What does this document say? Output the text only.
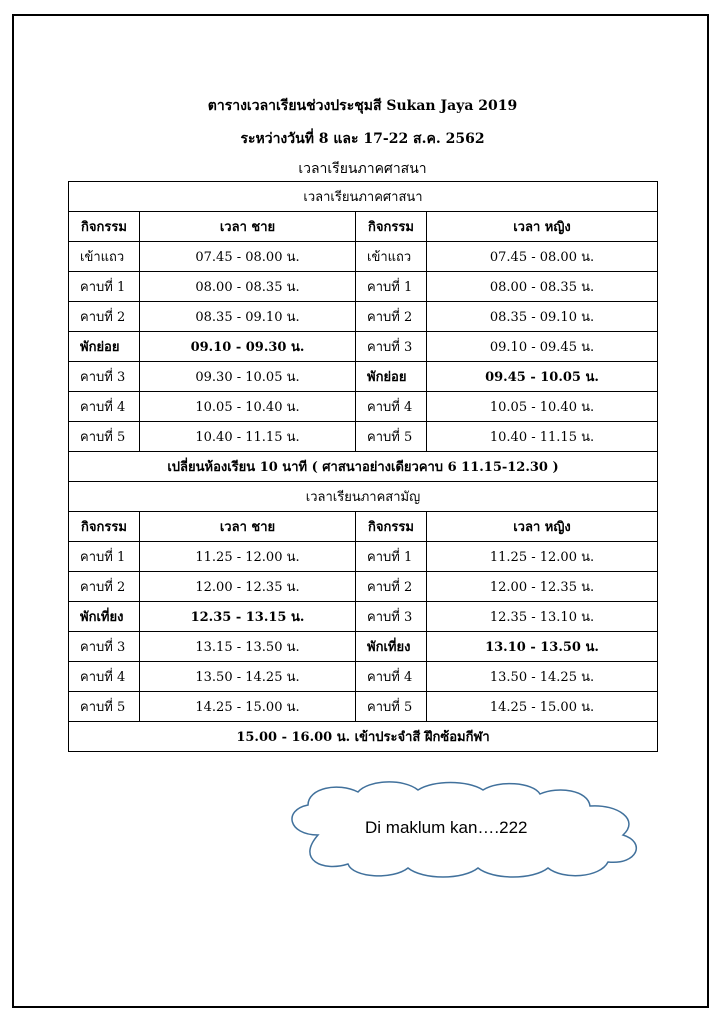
ตารางเวลาเรียนช่วงประชุมสี Sukan Jaya 2019
ระหว่างวันที่ 8 และ 17-22 ส.ค. 2562
เวลาเรียนภาคศาสนา
เวลาเรียนภาคศาสนา			
กิจกรรม	เวลา ชาย	กิจกรรม	เวลา หญิง
เข้าแถว	07.45 - 08.00 น.	เข้าแถว	07.45 - 08.00 น.
คาบที่ 1	08.00 - 08.35 น.	คาบที่ 1	08.00 - 08.35 น.
คาบที่ 2	08.35 - 09.10 น.	คาบที่ 2	08.35 - 09.10 น.
พักย่อย	09.10 - 09.30 น.	คาบที่ 3	09.10 - 09.45 น.
คาบที่ 3	09.30 - 10.05 น.	พักย่อย	09.45 - 10.05 น.
คาบที่ 4	10.05 - 10.40 น.	คาบที่ 4	10.05 - 10.40 น.
คาบที่ 5	10.40 - 11.15 น.	คาบที่ 5	10.40 - 11.15 น.
เปลี่ยนห้องเรียน 10 นาที ( ศาสนาอย่างเดียวคาบ 6 11.15-12.30 )			
เวลาเรียนภาคสามัญ			
กิจกรรม	เวลา ชาย	กิจกรรม	เวลา หญิง
คาบที่ 1	11.25 - 12.00 น.	คาบที่ 1	11.25 - 12.00 น.
คาบที่ 2	12.00 - 12.35 น.	คาบที่ 2	12.00 - 12.35 น.
พักเที่ยง	12.35 - 13.15 น.	คาบที่ 3	12.35 - 13.10 น.
คาบที่ 3	13.15 - 13.50 น.	พักเที่ยง	13.10 - 13.50 น.
คาบที่ 4	13.50 - 14.25 น.	คาบที่ 4	13.50 - 14.25 น.
คาบที่ 5	14.25 - 15.00 น.	คาบที่ 5	14.25 - 15.00 น.
15.00 - 16.00 น. เข้าประจำสี ฝึกซ้อมกีฬา			
Di maklum kan….222
